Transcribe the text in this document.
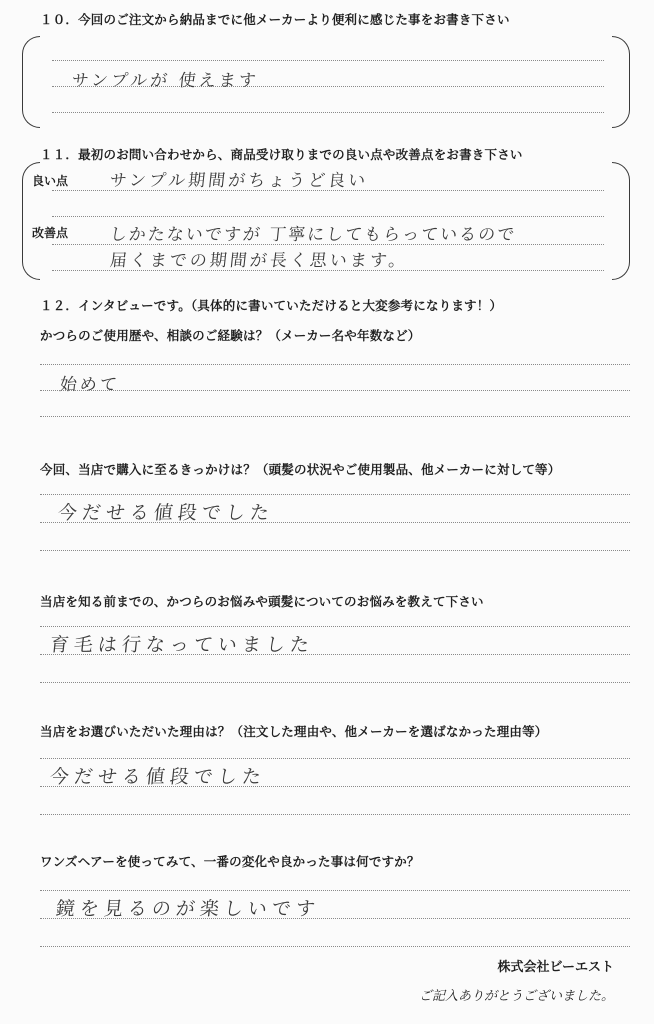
１０．今回のご注文から納品までに他メーカーより便利に感じた事をお書き下さい
サンプルが 使えます
１１．最初のお問い合わせから、商品受け取りまでの良い点や改善点をお書き下さい
良い点
改善点
サンプル期間がちょうど良い
しかたないですが 丁寧にしてもらっているので
届くまでの期間が長く思います。
１２．インタビューです。（具体的に書いていただけると大変参考になります！）
かつらのご使用歴や、相談のご経験は？（メーカー名や年数など）
始めて
今回、当店で購入に至るきっかけは？（頭髪の状況やご使用製品、他メーカーに対して等）
今だせる値段でした
当店を知る前までの、かつらのお悩みや頭髪についてのお悩みを教えて下さい
育毛は行なっていました
当店をお選びいただいた理由は？（注文した理由や、他メーカーを選ばなかった理由等）
今だせる値段でした
ワンズヘアーを使ってみて、一番の変化や良かった事は何ですか？
鏡を見るのが楽しいです
株式会社ビーエスト
ご記入ありがとうございました。
